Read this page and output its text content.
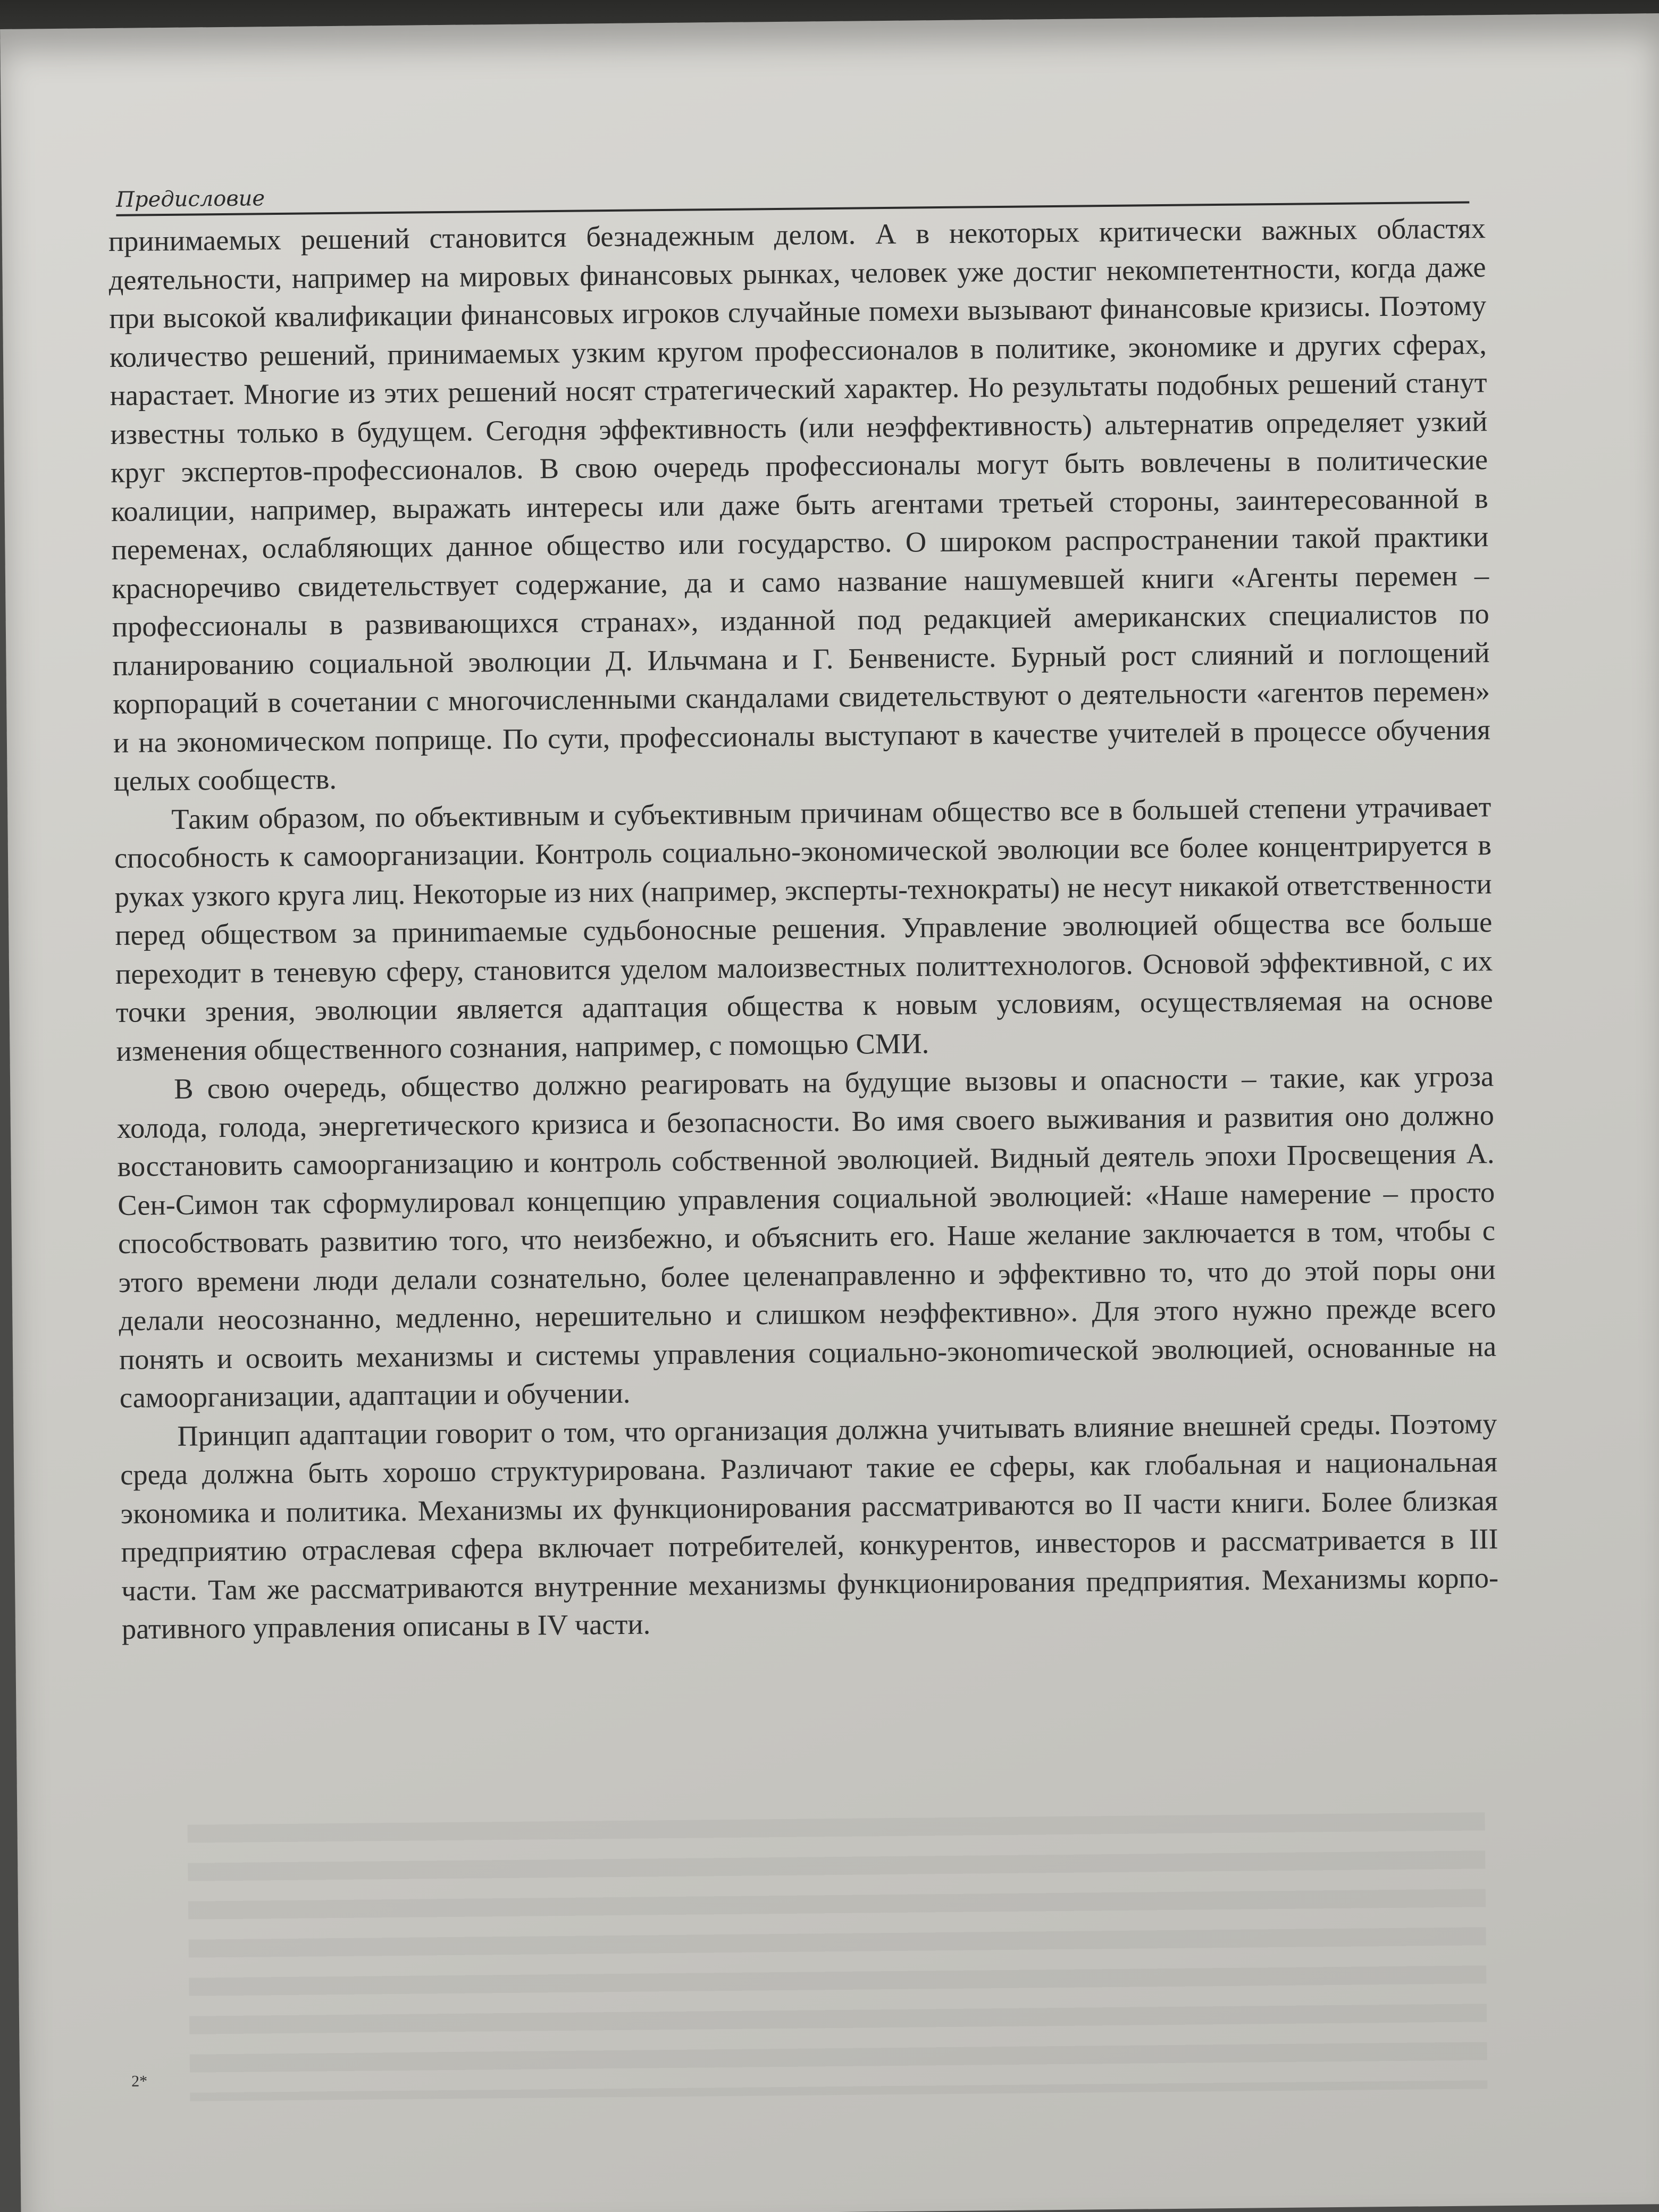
Предисловие

принимаемых решений становится безнадежным делом. А в некоторых критически важных областях деятельности, например на мировых финансовых рынках, человек уже достиг некомпетентности, когда даже при высокой квалификации финансовых игроков случайные помехи вызывают финансовые кризисы. Поэтому количество решений, принимаемых узким кругом профессионалов в политике, экономике и других сферах, нарастает. Многие из этих решений носят стратегический характер. Но результаты подобных решений станут известны только в будущем. Сегодня эффективность (или неэффективность) альтернатив определяет узкий круг экспертов-профессионалов. В свою очередь профессионалы могут быть вовлечены в политические коалиции, например, выражать интересы или даже быть агентами третьей стороны, заинтересованной в переменах, ослабляющих данное общество или государство. О широком распространении такой практики красноречиво свидетельствует содержание, да и само название нашумевшей книги «Агенты перемен – профессионалы в развивающихся странах», изданной под редакцией американских специалистов по планированию социальной эволюции Д. Ильчмана и Г. Бенвенисте. Бурный рост слияний и поглощений корпораций в сочетании с многочисленными скандалами свидетельствуют о деятельности «агентов перемен» и на экономическом поприще. По сути, профессионалы выступают в качестве учителей в процессе обучения целых сообществ.

Таким образом, по объективным и субъективным причинам общество все в большей степени утрачивает способность к самоорганизации. Контроль социально-экономической эволюции все более концентрируется в руках узкого круга лиц. Некоторые из них (например, эксперты-технократы) не несут никакой ответственности перед обществом за приниmaемые судьбоносные решения. Управление эволюцией общества все больше переходит в теневую сферу, становится уделом малоизвестных политтехнологов. Основой эффективной, с их точки зрения, эволюции является адаптация общества к новым условиям, осуществляемая на основе изменения общественного сознания, например, с помощью СМИ.

В свою очередь, общество должно реагировать на будущие вызовы и опасности – такие, как угроза холода, голода, энергетического кризиса и безопасности. Во имя своего выживания и развития оно должно восстановить самоорганизацию и контроль собственной эволюцией. Видный деятель эпохи Просвещения А. Сен-Симон так сформулировал концепцию управления социальной эволюцией: «Наше намерение – просто способствовать развитию того, что неизбежно, и объяснить его. Наше желание заключается в том, чтобы с этого времени люди делали сознательно, более целенаправленно и эффективно то, что до этой поры они делали неосознанно, медленно, нерешительно и слишком неэффективно». Для этого нужно прежде всего понять и освоить механизмы и системы управления социально-эконоmической эволюцией, основанные на самоорганизации, адаптации и обучении.

Принцип адаптации говорит о том, что организация должна учитывать влияние внешней среды. Поэтому среда должна быть хорошо структурирована. Различают такие ее сферы, как глобальная и национальная экономика и политика. Механизмы их функционирования рассматриваются во II части книги. Более близкая предприятию отраслевая сфера включает потребителей, конкурентов, инвесторов и рассматривается в III части. Там же рассматриваются внутренние механизмы функционирования предприятия. Механизмы корпоративного управления описаны в IV части.

2*
